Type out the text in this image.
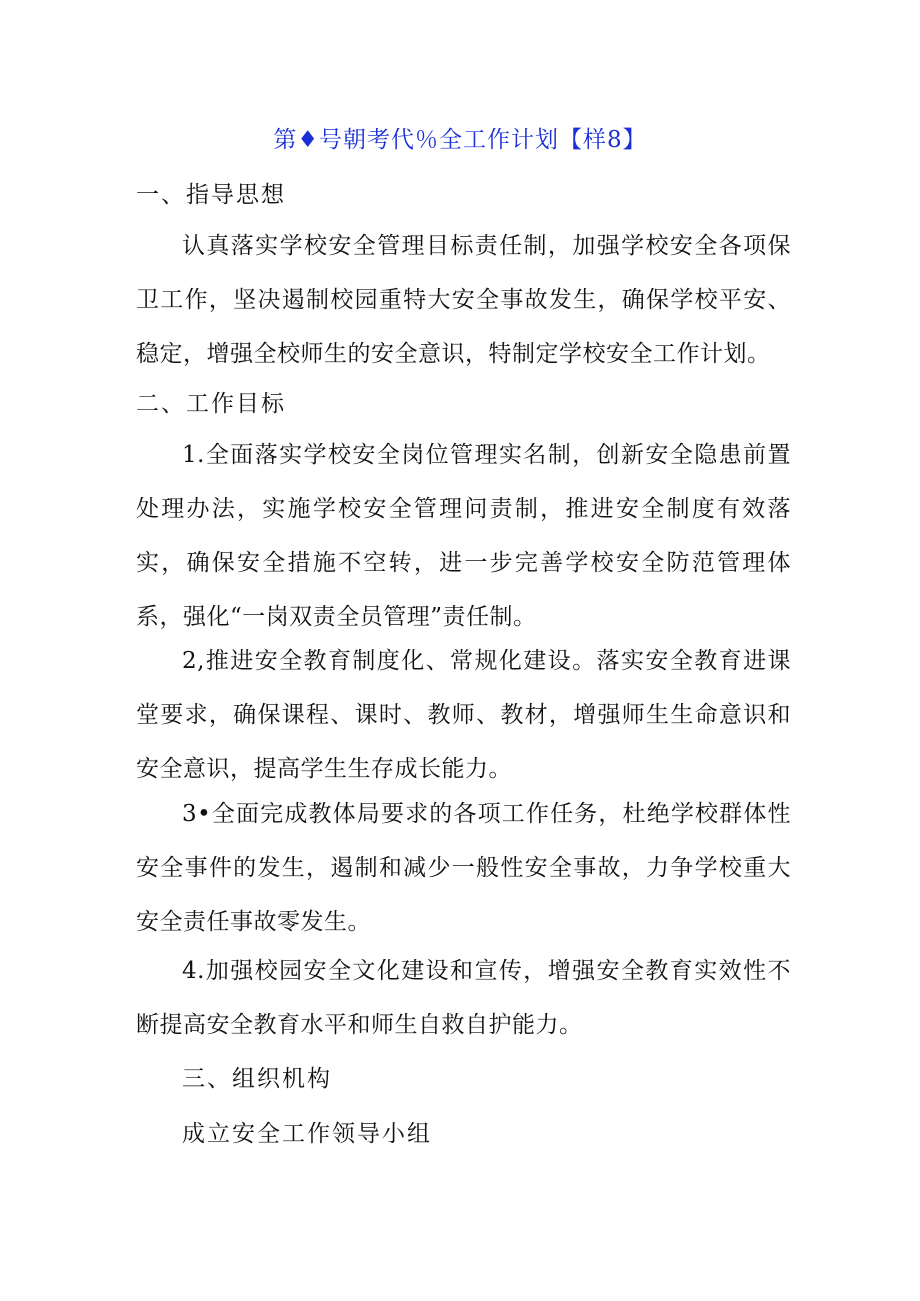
第♦号朝考代％全工作计划【样8】
一、指导思想
认真落实学校安全管理目标责任制，加强学校安全各项保卫工作，坚决遏制校园重特大安全事故发生，确保学校平安、稳定，增强全校师生的安全意识，特制定学校安全工作计划。
二、工作目标
1.全面落实学校安全岗位管理实名制，创新安全隐患前置处理办法，实施学校安全管理问责制，推进安全制度有效落实，确保安全措施不空转，进一步完善学校安全防范管理体系，强化“一岗双责全员管理”责任制。
2,推进安全教育制度化、常规化建设。落实安全教育进课堂要求，确保课程、课时、教师、教材，增强师生生命意识和安全意识，提高学生生存成长能力。
3•全面完成教体局要求的各项工作任务，杜绝学校群体性安全事件的发生，遏制和减少一般性安全事故，力争学校重大安全责任事故零发生。
4.加强校园安全文化建设和宣传，增强安全教育实效性不断提高安全教育水平和师生自救自护能力。
三、组织机构
成立安全工作领导小组
